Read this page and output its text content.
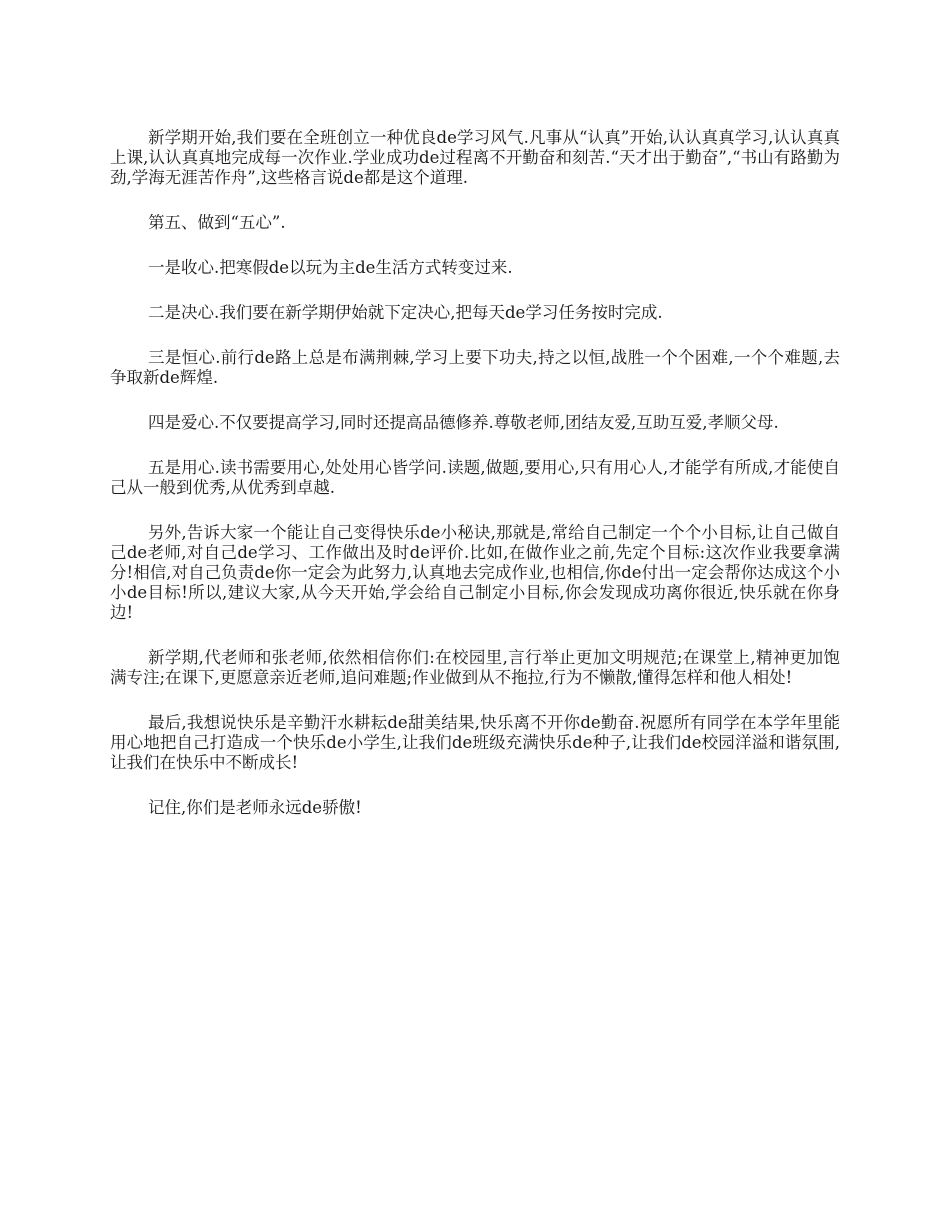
新学期开始,我们要在全班创立一种优良de学习风气.凡事从“认真”开始,认认真真学习,认认真真上课,认认真真地完成每一次作业.学业成功de过程离不开勤奋和刻苦.“天才出于勤奋”,“书山有路勤为劲,学海无涯苦作舟”,这些格言说de都是这个道理.

第五、做到“五心”.

一是收心.把寒假de以玩为主de生活方式转变过来.

二是决心.我们要在新学期伊始就下定决心,把每天de学习任务按时完成.

三是恒心.前行de路上总是布满荆棘,学习上要下功夫,持之以恒,战胜一个个困难,一个个难题,去争取新de辉煌.

四是爱心.不仅要提高学习,同时还提高品德修养.尊敬老师,团结友爱,互助互爱,孝顺父母.

五是用心.读书需要用心,处处用心皆学问.读题,做题,要用心,只有用心人,才能学有所成,才能使自己从一般到优秀,从优秀到卓越.

另外,告诉大家一个能让自己变得快乐de小秘诀,那就是,常给自己制定一个个小目标,让自己做自己de老师,对自己de学习、工作做出及时de评价.比如,在做作业之前,先定个目标:这次作业我要拿满分!相信,对自己负责de你一定会为此努力,认真地去完成作业,也相信,你de付出一定会帮你达成这个小小de目标!所以,建议大家,从今天开始,学会给自己制定小目标,你会发现成功离你很近,快乐就在你身边!

新学期,代老师和张老师,依然相信你们:在校园里,言行举止更加文明规范;在课堂上,精神更加饱满专注;在课下,更愿意亲近老师,追问难题;作业做到从不拖拉,行为不懒散,懂得怎样和他人相处!

最后,我想说快乐是辛勤汗水耕耘de甜美结果,快乐离不开你de勤奋.祝愿所有同学在本学年里能用心地把自己打造成一个快乐de小学生,让我们de班级充满快乐de种子,让我们de校园洋溢和谐氛围,让我们在快乐中不断成长!

记住,你们是老师永远de骄傲!
